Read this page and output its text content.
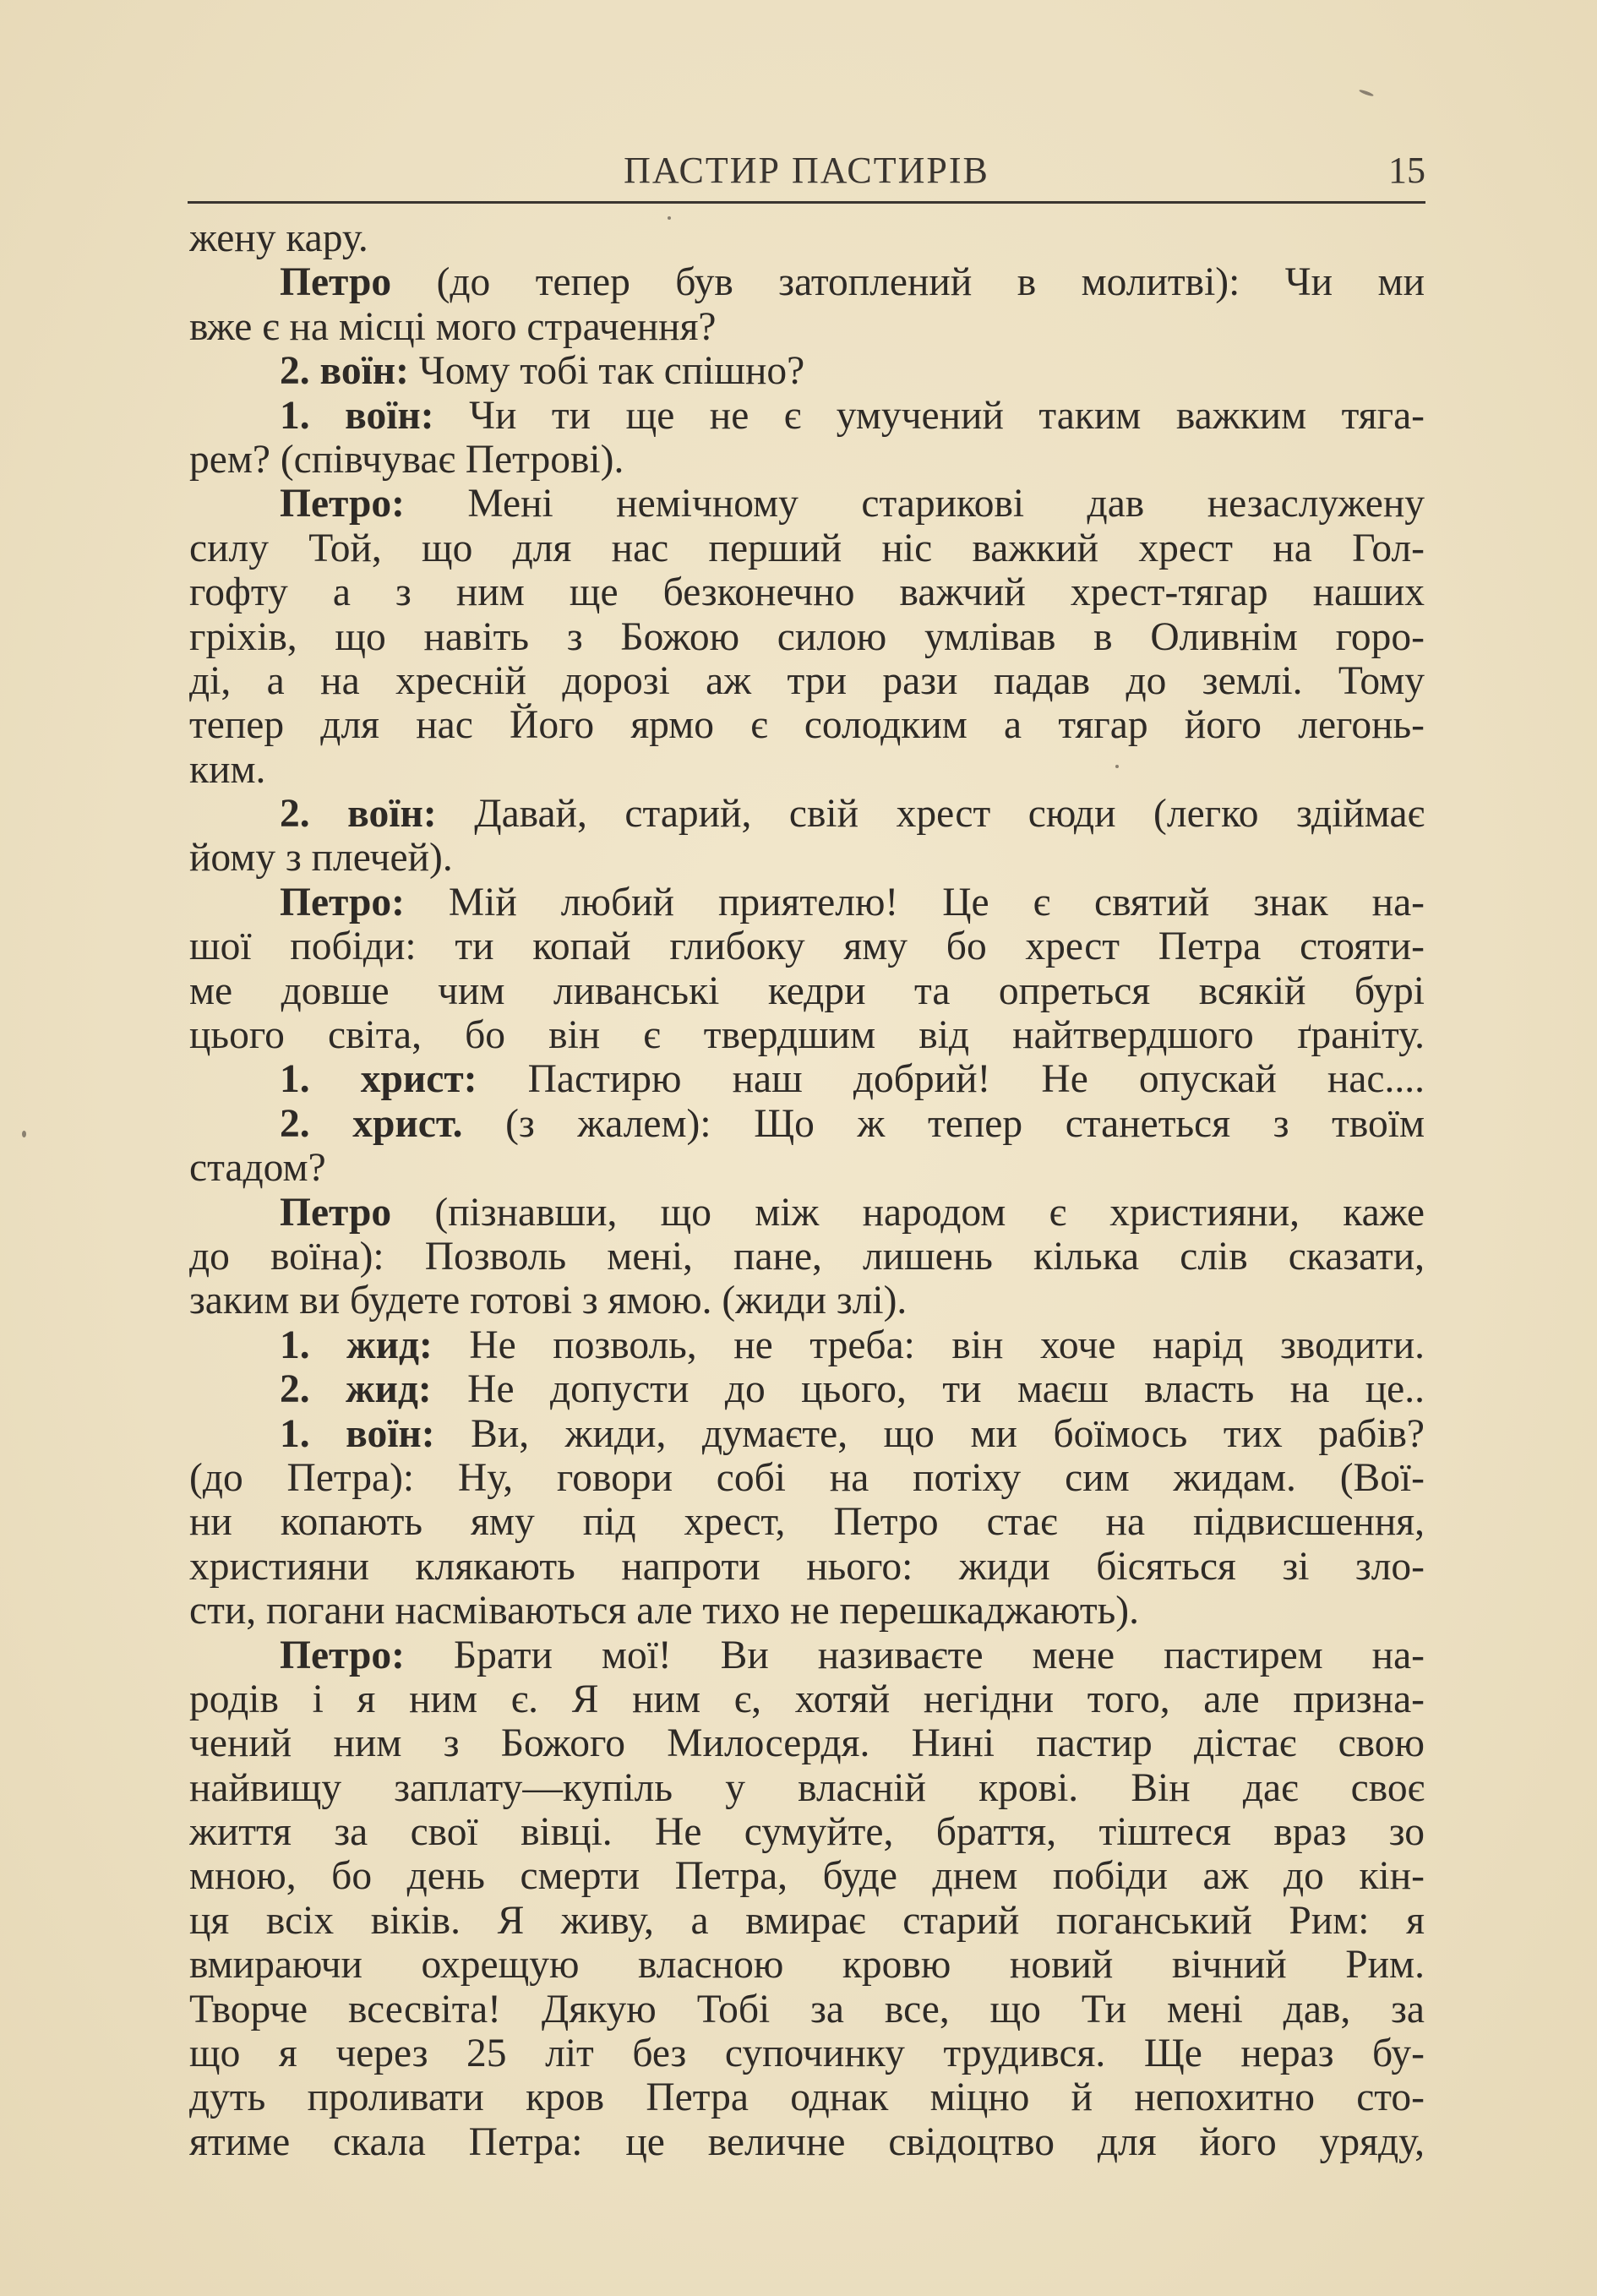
ПАСТИР ПАСТИРІВ	15
жену кару.
Петро (до тепер був затоплений в молитві): Чи ми
вже є на місці мого страчення?
2. воїн: Чому тобі так спішно?
1. воїн: Чи ти ще не є умучений таким важким тяга-
рем? (співчуває Петрові).
Петро: Мені немічному старикові дав незаслужену
силу Той, що для нас перший ніс важкий хрест на Гол-
гофту а з ним ще безконечно важчий хрест-тягар наших
гріхів, що навіть з Божою силою умлівав в Оливнім горо-
ді, а на хресній дорозі аж три рази падав до землі. Тому
тепер для нас Його ярмо є солодким а тягар його легонь-
ким.
2. воїн: Давай, старий, свій хрест сюди (легко здіймає
йому з плечей).
Петро: Мій любий приятелю! Це є святий знак на-
шої побіди: ти копай глибоку яму бо хрест Петра стояти-
ме довше чим ливанські кедри та опреться всякій бурі
цього світа, бо він є твердшим від найтвердшого ґраніту.
1. христ: Пастирю наш добрий! Не опускай нас....
2. христ. (з жалем): Що ж тепер станеться з твоїм
стадом?
Петро (пізнавши, що між народом є християни, каже
до воїна): Позволь мені, пане, лишень кілька слів сказати,
заким ви будете готові з ямою. (жиди злі).
1. жид: Не позволь, не треба: він хоче нарід зводити.
2. жид: Не допусти до цього, ти маєш власть на це..
1. воїн: Ви, жиди, думаєте, що ми боїмось тих рабів?
(до Петра): Ну, говори собі на потіху сим жидам. (Воï-
ни копають яму під хрест, Петро стає на підвисшення,
християни клякають напроти нього: жиди бісяться зі зло-
сти, погани насміваються але тихо не перешкаджають).
Петро: Брати мої! Ви називаєте мене пастирем на-
родів і я ним є. Я ним є, хотяй негідни того, але призна-
чений ним з Божого Милосердя. Нині пастир дістає свою
найвищу заплату—купіль у власній крові. Він дає своє
життя за свої вівці. Не сумуйте, браття, тіштеся враз зо
мною, бо день смерти Петра, буде днем побіди аж до кін-
ця всіх віків. Я живу, а вмирає старий поганський Рим: я
вмираючи охрещую власною кровю новий вічний Рим.
Творче всесвіта! Дякую Тобі за все, що Ти мені дав, за
що я через 25 літ без супочинку трудився. Ще нераз бу-
дуть проливати кров Петра однак міцно й непохитно сто-
ятиме скала Петра: це величне свідоцтво для його уряду,
